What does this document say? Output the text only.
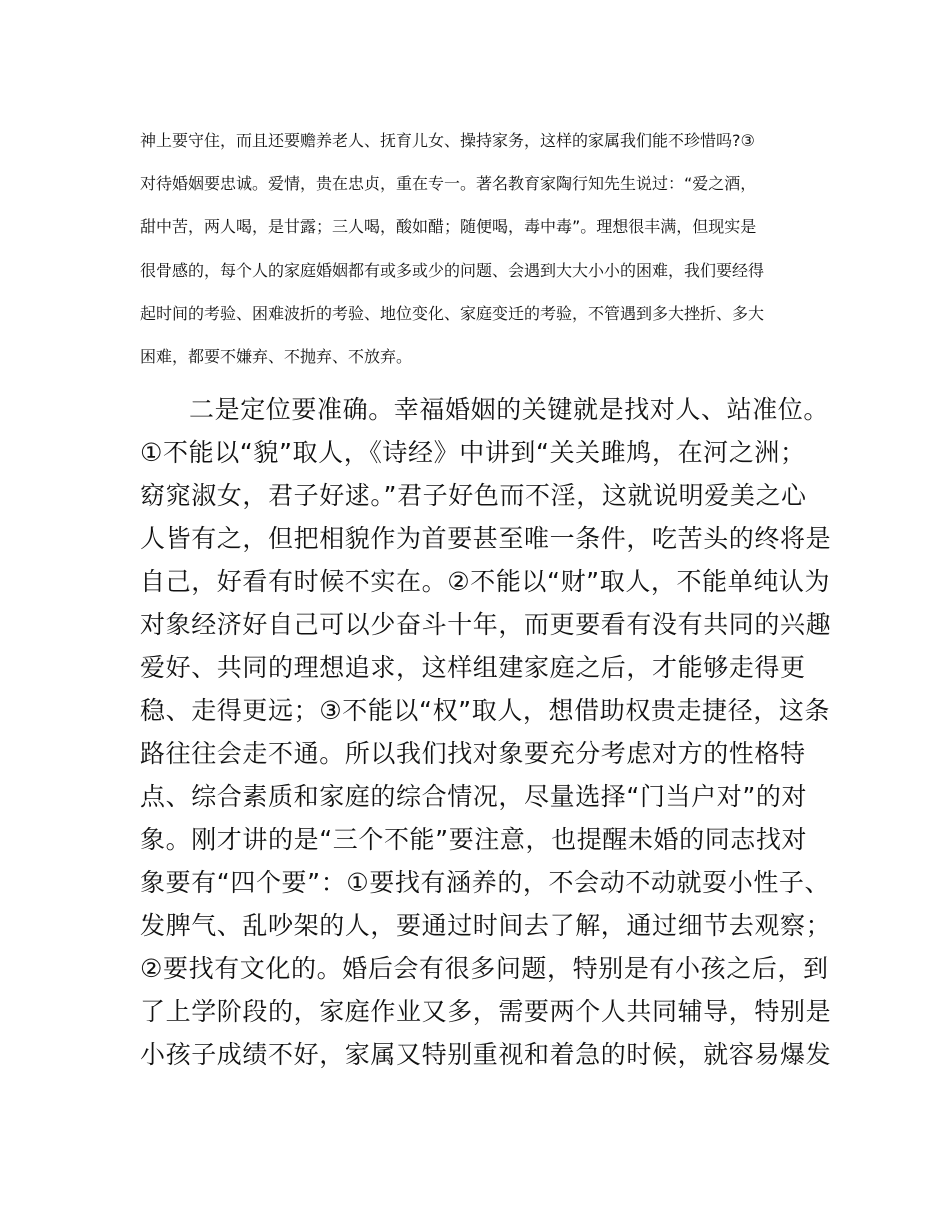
神上要守住，而且还要赡养老人、抚育儿女、操持家务，这样的家属我们能不珍惜吗?③

对待婚姻要忠诚。爱情，贵在忠贞，重在专一。著名教育家陶行知先生说过：“爱之酒，

甜中苦，两人喝，是甘露；三人喝，酸如醋；随便喝，毒中毒”。理想很丰满，但现实是

很骨感的，每个人的家庭婚姻都有或多或少的问题、会遇到大大小小的困难，我们要经得

起时间的考验、困难波折的考验、地位变化、家庭变迁的考验，不管遇到多大挫折、多大

困难，都要不嫌弃、不抛弃、不放弃。

二是定位要准确。幸福婚姻的关键就是找对人、站准位。

①不能以“貌”取人，《诗经》中讲到“关关雎鸠，在河之洲；

窈窕淑女，君子好逑。”君子好色而不淫，这就说明爱美之心

人皆有之，但把相貌作为首要甚至唯一条件，吃苦头的终将是

自己，好看有时候不实在。②不能以“财”取人，不能单纯认为

对象经济好自己可以少奋斗十年，而更要看有没有共同的兴趣

爱好、共同的理想追求，这样组建家庭之后，才能够走得更

稳、走得更远；③不能以“权”取人，想借助权贵走捷径，这条

路往往会走不通。所以我们找对象要充分考虑对方的性格特

点、综合素质和家庭的综合情况，尽量选择“门当户对”的对

象。刚才讲的是“三个不能”要注意，也提醒未婚的同志找对

象要有“四个要”：①要找有涵养的，不会动不动就耍小性子、

发脾气、乱吵架的人，要通过时间去了解，通过细节去观察；

②要找有文化的。婚后会有很多问题，特别是有小孩之后，到

了上学阶段的，家庭作业又多，需要两个人共同辅导，特别是

小孩子成绩不好，家属又特别重视和着急的时候，就容易爆发
